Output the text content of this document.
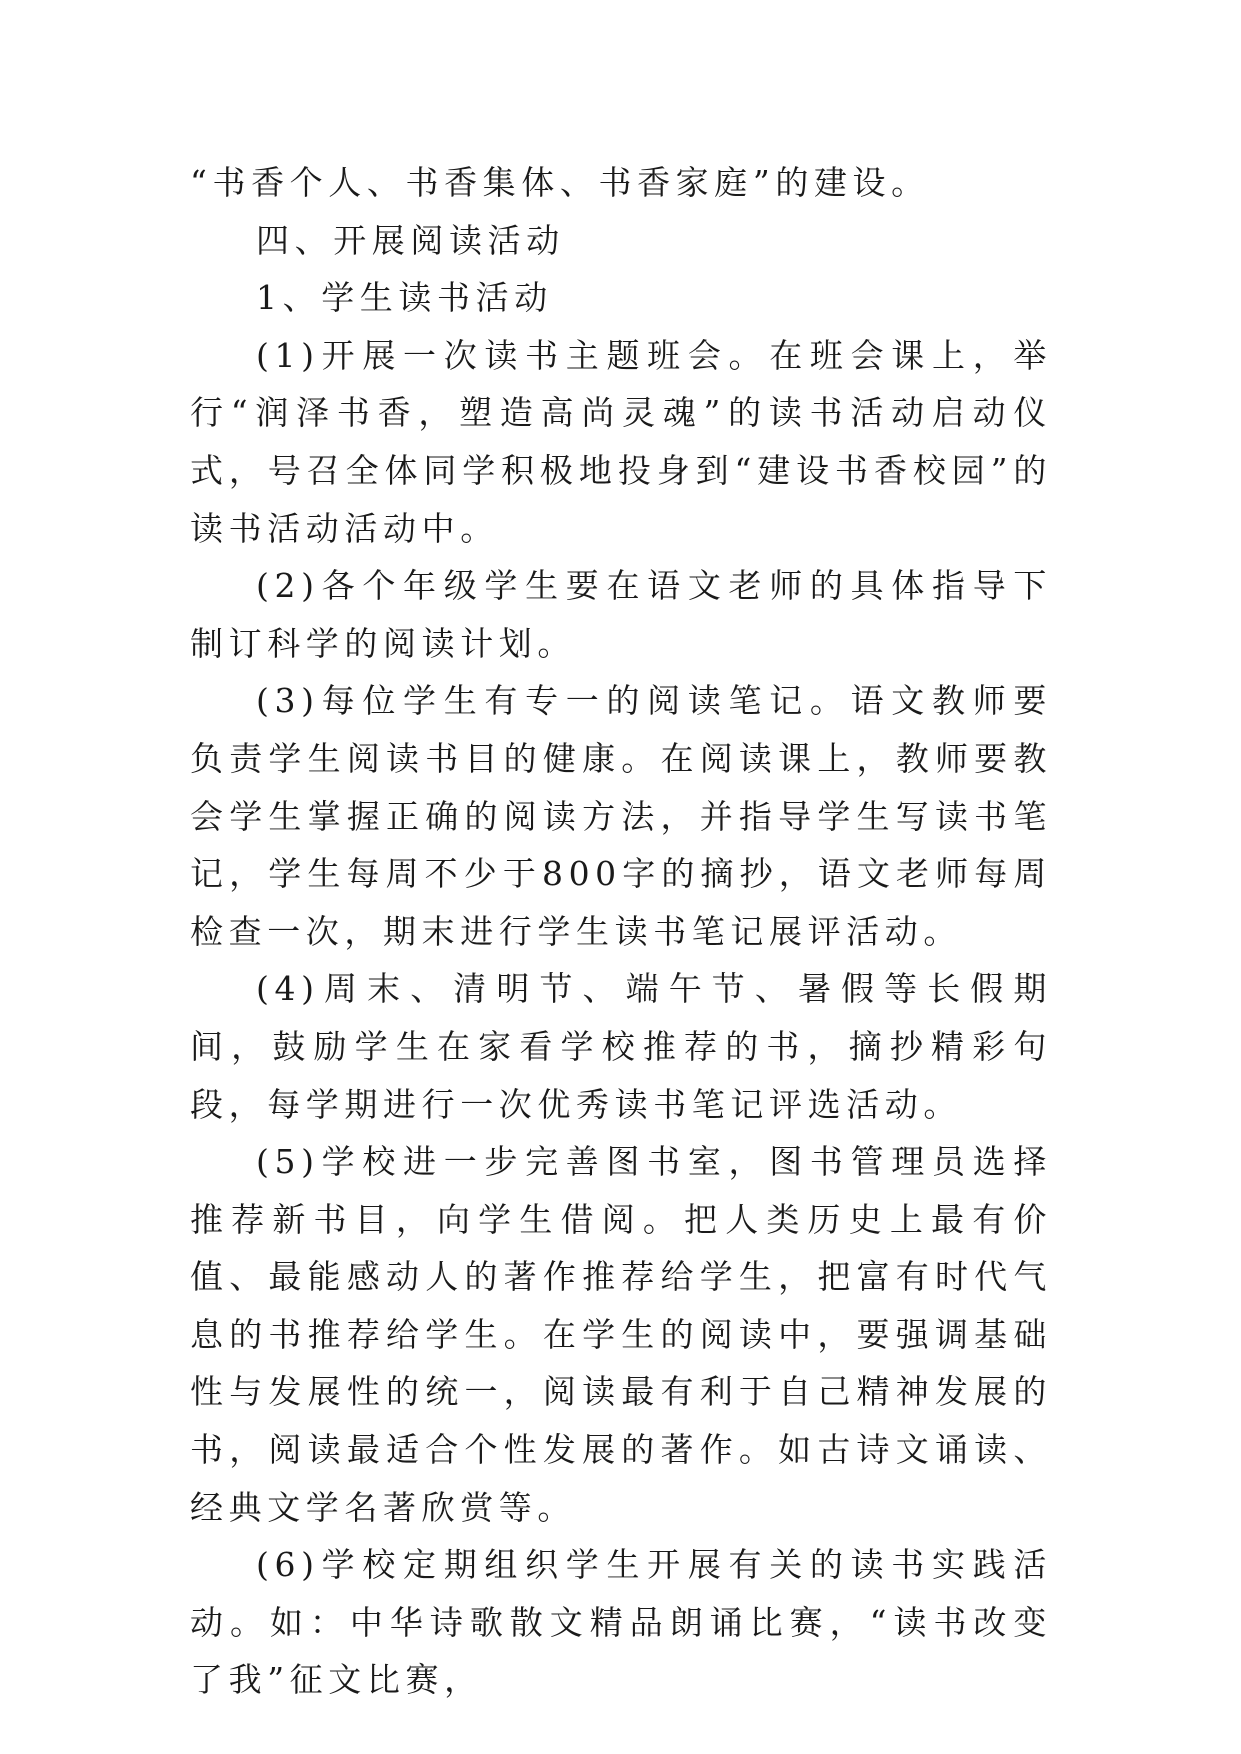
“书香个人、书香集体、书香家庭”的建设。

四、开展阅读活动

1、学生读书活动

(1)开展一次读书主题班会。在班会课上，举行“润泽书香，塑造高尚灵魂”的读书活动启动仪式，号召全体同学积极地投身到“建设书香校园”的读书活动活动中。

(2)各个年级学生要在语文老师的具体指导下制订科学的阅读计划。

(3)每位学生有专一的阅读笔记。语文教师要负责学生阅读书目的健康。在阅读课上，教师要教会学生掌握正确的阅读方法，并指导学生写读书笔记，学生每周不少于800字的摘抄，语文老师每周检查一次，期末进行学生读书笔记展评活动。

(4)周末、清明节、端午节、暑假等长假期间，鼓励学生在家看学校推荐的书，摘抄精彩句段，每学期进行一次优秀读书笔记评选活动。

(5)学校进一步完善图书室，图书管理员选择推荐新书目，向学生借阅。把人类历史上最有价值、最能感动人的著作推荐给学生，把富有时代气息的书推荐给学生。在学生的阅读中，要强调基础性与发展性的统一，阅读最有利于自己精神发展的书，阅读最适合个性发展的著作。如古诗文诵读、经典文学名著欣赏等。

(6)学校定期组织学生开展有关的读书实践活动。如：中华诗歌散文精品朗诵比赛，“读书改变了我”征文比赛，
